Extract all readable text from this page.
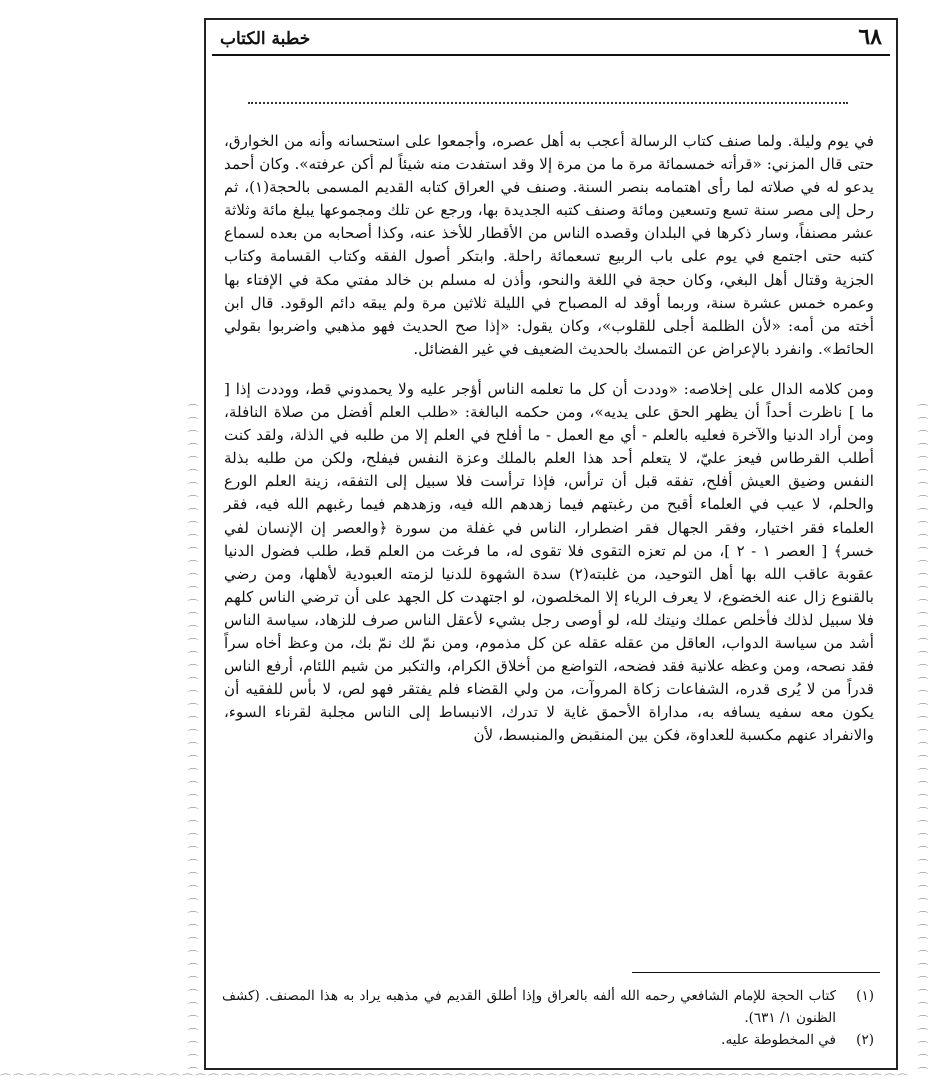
⌒⌒⌒⌒⌒⌒⌒⌒⌒⌒⌒⌒⌒⌒⌒⌒⌒⌒⌒⌒⌒⌒⌒⌒⌒⌒⌒⌒⌒⌒⌒⌒⌒⌒⌒⌒⌒⌒⌒⌒⌒⌒⌒⌒⌒⌒⌒⌒⌒⌒⌒⌒
⌒⌒⌒⌒⌒⌒⌒⌒⌒⌒⌒⌒⌒⌒⌒⌒⌒⌒⌒⌒⌒⌒⌒⌒⌒⌒⌒⌒⌒⌒⌒⌒⌒⌒⌒⌒⌒⌒⌒⌒⌒⌒⌒⌒⌒⌒⌒⌒⌒⌒⌒⌒
⌒⌒⌒⌒⌒⌒⌒⌒⌒⌒⌒⌒⌒⌒⌒⌒⌒⌒⌒⌒⌒⌒⌒⌒⌒⌒⌒⌒⌒⌒⌒⌒⌒⌒⌒⌒⌒⌒⌒⌒⌒⌒⌒⌒⌒⌒⌒⌒⌒⌒⌒⌒⌒⌒⌒⌒⌒⌒⌒⌒⌒⌒⌒⌒⌒⌒⌒⌒⌒⌒
٦٨
خطبة الكتاب

في يوم وليلة. ولما صنف كتاب الرسالة أعجب به أهل عصره، وأجمعوا على استحسانه وأنه من الخوارق، حتى قال المزني: «قرأته خمسمائة مرة ما من مرة إلا وقد استفدت منه شيئاً لم أكن عرفته». وكان أحمد يدعو له في صلاته لما رأى اهتمامه بنصر السنة. وصنف في العراق كتابه القديم المسمى بالحجة(١)، ثم رحل إلى مصر سنة تسع وتسعين ومائة وصنف كتبه الجديدة بها، ورجع عن تلك ومجموعها يبلغ مائة وثلاثة عشر مصنفاً، وسار ذكرها في البلدان وقصده الناس من الأقطار للأخذ عنه، وكذا أصحابه من بعده لسماع كتبه حتى اجتمع في يوم على باب الربيع تسعمائة راحلة. وابتكر أصول الفقه وكتاب القسامة وكتاب الجزية وقتال أهل البغي، وكان حجة في اللغة والنحو، وأذن له مسلم بن خالد مفتي مكة في الإفتاء بها وعمره خمس عشرة سنة، وربما أوقد له المصباح في الليلة ثلاثين مرة ولم يبقه دائم الوقود. قال ابن أخته من أمه: «لأن الظلمة أجلى للقلوب»، وكان يقول: «إذا صح الحديث فهو مذهبي واضربوا بقولي الحائط». وانفرد بالإعراض عن التمسك بالحديث الضعيف في غير الفضائل.

ومن كلامه الدال على إخلاصه: «وددت أن كل ما تعلمه الناس أؤجر عليه ولا يحمدوني قط، ووددت إذا [ ما ] ناظرت أحداً أن يظهر الحق على يديه»، ومن حكمه البالغة: «طلب العلم أفضل من صلاة النافلة، ومن أراد الدنيا والآخرة فعليه بالعلم - أي مع العمل - ما أفلح في العلم إلا من طلبه في الذلة، ولقد كنت أطلب القرطاس فيعز عليّ، لا يتعلم أحد هذا العلم بالملك وعزة النفس فيفلح، ولكن من طلبه بذلة النفس وضيق العيش أفلح، تفقه قبل أن ترأس، فإذا ترأست فلا سبيل إلى التفقه، زينة العلم الورع والحلم، لا عيب في العلماء أقبح من رغبتهم فيما زهدهم الله فيه، وزهدهم فيما رغبهم الله فيه، فقر العلماء فقر اختيار، وفقر الجهال فقر اضطرار، الناس في غفلة من سورة ﴿والعصر إن الإنسان لفي خسر﴾ [ العصر ١ - ٢ ]، من لم تعزه التقوى فلا تقوى له، ما فرغت من العلم قط، طلب فضول الدنيا عقوبة عاقب الله بها أهل التوحيد، من غلبته(٢) سدة الشهوة للدنيا لزمته العبودية لأهلها، ومن رضي بالقنوع زال عنه الخضوع، لا يعرف الرياء إلا المخلصون، لو اجتهدت كل الجهد على أن ترضي الناس كلهم فلا سبيل لذلك فأخلص عملك ونيتك لله، لو أوصى رجل بشيء لأعقل الناس صرف للزهاد، سياسة الناس أشد من سياسة الدواب، العاقل من عقله عقله عن كل مذموم، ومن نمّ لك نمّ بك، من وعظ أخاه سراً فقد نصحه، ومن وعظه علانية فقد فضحه، التواضع من أخلاق الكرام، والتكبر من شيم اللئام، أرفع الناس قدراً من لا يُرى قدره، الشفاعات زكاة المروآت، من ولي القضاء فلم يفتقر فهو لص، لا بأس للفقيه أن يكون معه سفيه يسافه به، مداراة الأحمق غاية لا تدرك، الانبساط إلى الناس مجلبة لقرناء السوء، والانفراد عنهم مكسبة للعداوة، فكن بين المنقبض والمنبسط، لأن

(١)
كتاب الحجة للإمام الشافعي رحمه الله ألفه بالعراق وإذا أطلق القديم في مذهبه يراد به هذا المصنف. (كشف الظنون ١/ ٦٣١).
(٢)
في المخطوطة عليه.
